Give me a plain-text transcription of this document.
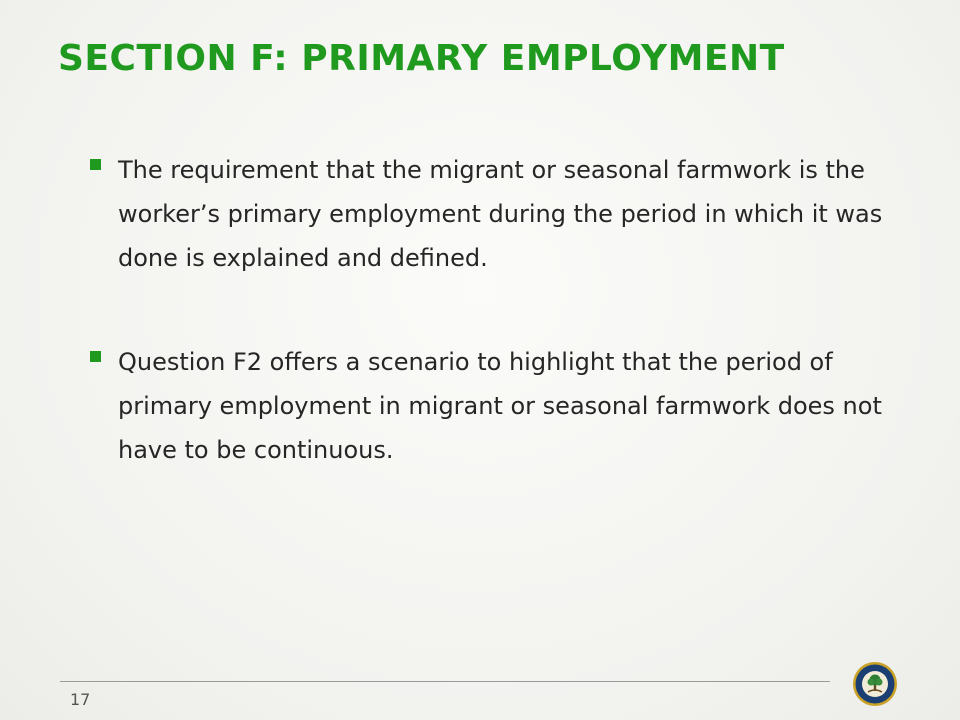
SECTION F: PRIMARY EMPLOYMENT
The requirement that the migrant or seasonal farmwork is the worker’s primary employment during the period in which it was done is explained and defined.
Question F2 offers a scenario to highlight that the period of primary employment in migrant or seasonal farmwork does not have to be continuous.
17
